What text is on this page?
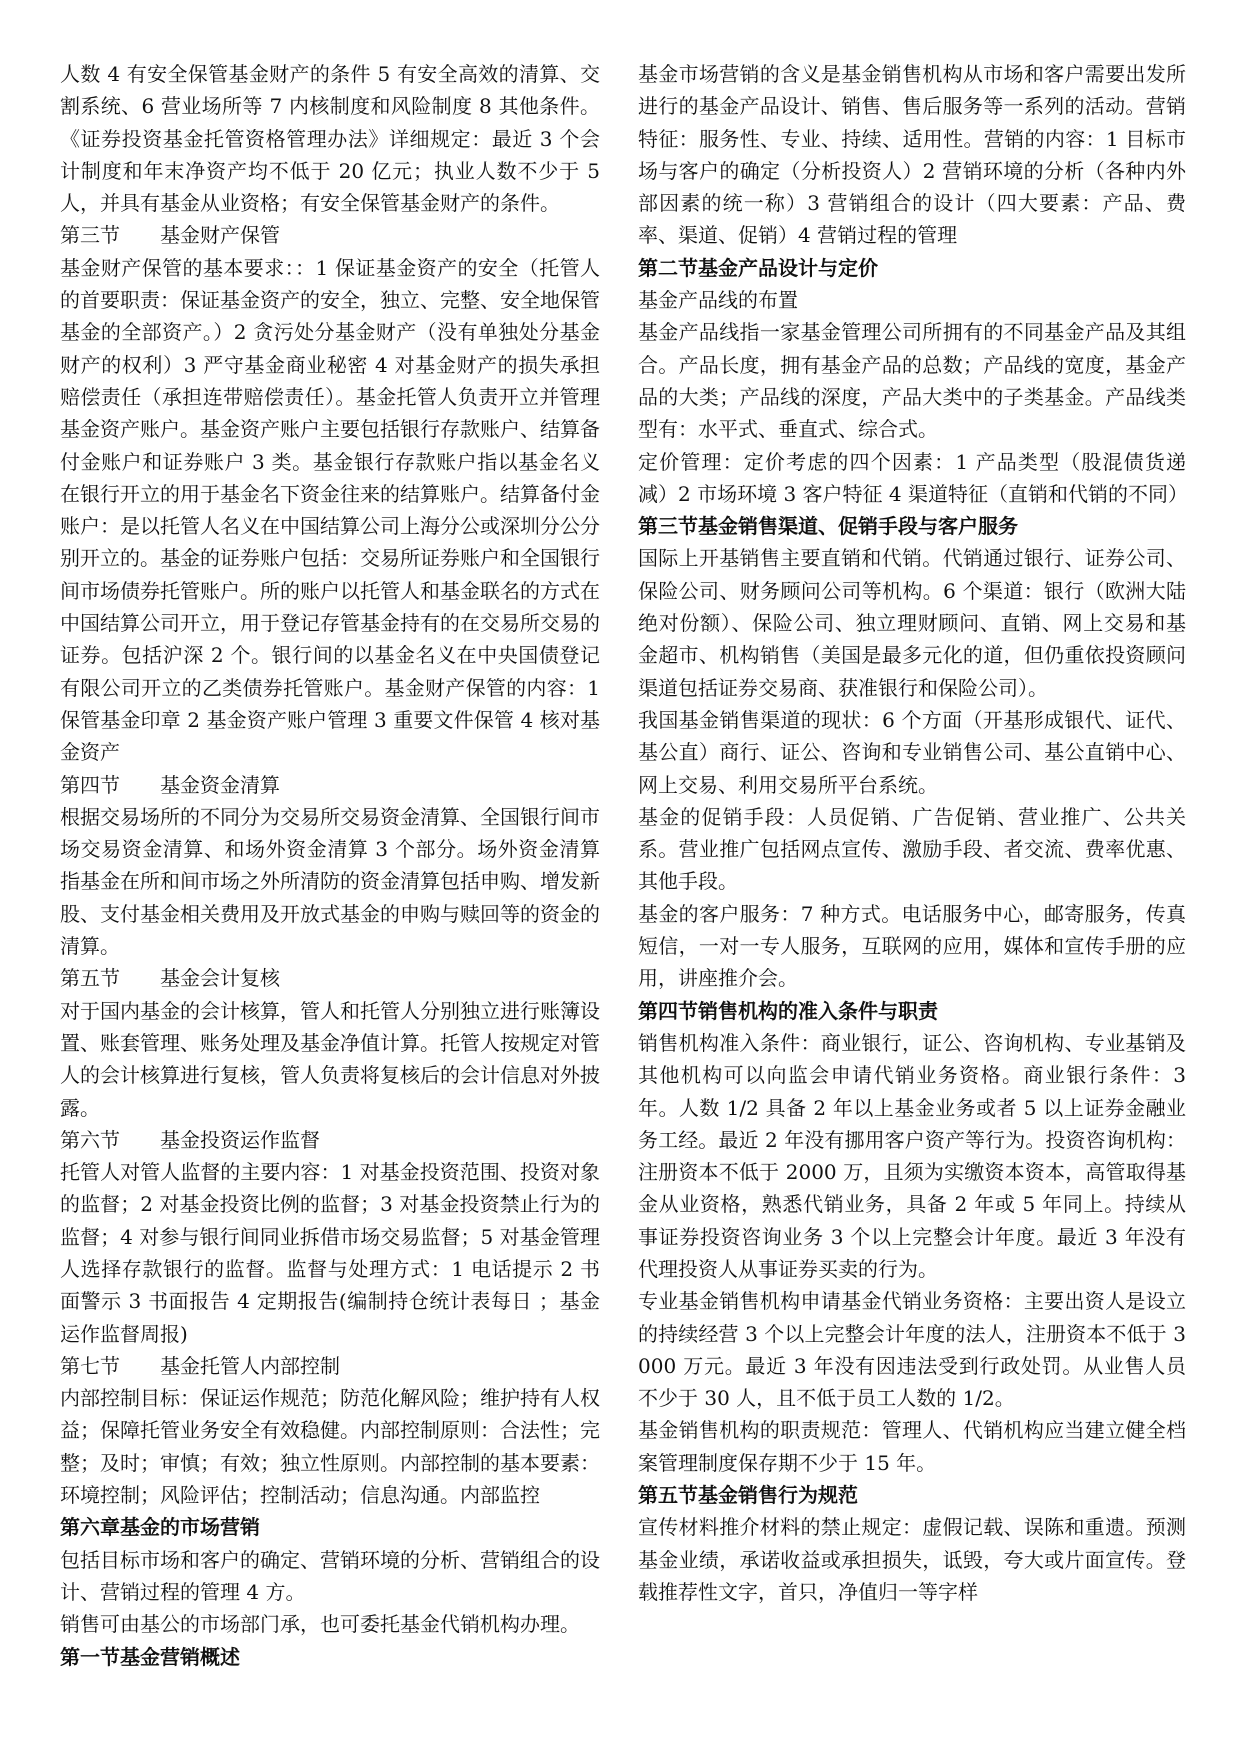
人数 4 有安全保管基金财产的条件 5 有安全高效的清算、交割系统、6 营业场所等 7 内核制度和风险制度 8 其他条件。《证券投资基金托管资格管理办法》详细规定：最近 3 个会计制度和年末净资产均不低于 20 亿元；执业人数不少于 5 人，并具有基金从业资格；有安全保管基金财产的条件。
第三节　　基金财产保管
基金财产保管的基本要求：：1 保证基金资产的安全（托管人的首要职责：保证基金资产的安全，独立、完整、安全地保管基金的全部资产。）2 贪污处分基金财产（没有单独处分基金财产的权利）3 严守基金商业秘密 4 对基金财产的损失承担赔偿责任（承担连带赔偿责任）。基金托管人负责开立并管理基金资产账户。基金资产账户主要包括银行存款账户、结算备付金账户和证券账户 3 类。基金银行存款账户指以基金名义在银行开立的用于基金名下资金往来的结算账户。结算备付金账户：是以托管人名义在中国结算公司上海分公或深圳分公分别开立的。基金的证券账户包括：交易所证券账户和全国银行间市场债券托管账户。所的账户以托管人和基金联名的方式在中国结算公司开立，用于登记存管基金持有的在交易所交易的证券。包括沪深 2 个。银行间的以基金名义在中央国债登记有限公司开立的乙类债券托管账户。基金财产保管的内容：1 保管基金印章 2 基金资产账户管理 3 重要文件保管 4 核对基金资产
第四节　　基金资金清算
根据交易场所的不同分为交易所交易资金清算、全国银行间市场交易资金清算、和场外资金清算 3 个部分。场外资金清算指基金在所和间市场之外所清防的资金清算包括申购、增发新股、支付基金相关费用及开放式基金的申购与赎回等的资金的清算。
第五节　　基金会计复核
对于国内基金的会计核算，管人和托管人分别独立进行账簿设置、账套管理、账务处理及基金净值计算。托管人按规定对管人的会计核算进行复核，管人负责将复核后的会计信息对外披露。
第六节　　基金投资运作监督
托管人对管人监督的主要内容：1 对基金投资范围、投资对象的监督；2 对基金投资比例的监督；3 对基金投资禁止行为的监督；4 对参与银行间同业拆借市场交易监督；5 对基金管理人选择存款银行的监督。监督与处理方式：1 电话提示 2 书面警示 3 书面报告 4 定期报告(编制持仓统计表每日 ；基金运作监督周报)
第七节　　基金托管人内部控制
内部控制目标：保证运作规范；防范化解风险；维护持有人权益；保障托管业务安全有效稳健。内部控制原则：合法性；完整；及时；审慎；有效；独立性原则。内部控制的基本要素：环境控制；风险评估；控制活动；信息沟通。内部监控
第六章基金的市场营销
包括目标市场和客户的确定、营销环境的分析、营销组合的设计、营销过程的管理 4 方。
销售可由基公的市场部门承，也可委托基金代销机构办理。
第一节基金营销概述
基金市场营销的含义是基金销售机构从市场和客户需要出发所进行的基金产品设计、销售、售后服务等一系列的活动。营销特征：服务性、专业、持续、适用性。营销的内容：1 目标市场与客户的确定（分析投资人）2 营销环境的分析（各种内外部因素的统一称）3 营销组合的设计（四大要素：产品、费率、渠道、促销）4 营销过程的管理
第二节基金产品设计与定价
基金产品线的布置
基金产品线指一家基金管理公司所拥有的不同基金产品及其组合。产品长度，拥有基金产品的总数；产品线的宽度，基金产品的大类；产品线的深度，产品大类中的子类基金。产品线类型有：水平式、垂直式、综合式。
定价管理：定价考虑的四个因素：1 产品类型（股混债货递减）2 市场环境 3 客户特征 4 渠道特征（直销和代销的不同）
第三节基金销售渠道、促销手段与客户服务
国际上开基销售主要直销和代销。代销通过银行、证券公司、保险公司、财务顾问公司等机构。6 个渠道：银行（欧洲大陆绝对份额）、保险公司、独立理财顾问、直销、网上交易和基金超市、机构销售（美国是最多元化的道，但仍重依投资顾问渠道包括证券交易商、获准银行和保险公司）。
我国基金销售渠道的现状：6 个方面（开基形成银代、证代、基公直）商行、证公、咨询和专业销售公司、基公直销中心、网上交易、利用交易所平台系统。
基金的促销手段：人员促销、广告促销、营业推广、公共关系。营业推广包括网点宣传、激励手段、者交流、费率优惠、其他手段。
基金的客户服务：7 种方式。电话服务中心，邮寄服务，传真短信，一对一专人服务，互联网的应用，媒体和宣传手册的应用，讲座推介会。
第四节销售机构的准入条件与职责
销售机构准入条件：商业银行，证公、咨询机构、专业基销及其他机构可以向监会申请代销业务资格。商业银行条件：3 年。人数 1/2 具备 2 年以上基金业务或者 5 以上证券金融业务工经。最近 2 年没有挪用客户资产等行为。投资咨询机构：注册资本不低于 2000 万，且须为实缴资本资本，高管取得基金从业资格，熟悉代销业务，具备 2 年或 5 年同上。持续从事证券投资咨询业务 3 个以上完整会计年度。最近 3 年没有代理投资人从事证券买卖的行为。
专业基金销售机构申请基金代销业务资格：主要出资人是设立的持续经营 3 个以上完整会计年度的法人，注册资本不低于 3000 万元。最近 3 年没有因违法受到行政处罚。从业售人员不少于 30 人，且不低于员工人数的 1/2。
基金销售机构的职责规范：管理人、代销机构应当建立健全档案管理制度保存期不少于 15 年。
第五节基金销售行为规范
宣传材料推介材料的禁止规定：虚假记载、误陈和重遗。预测基金业绩，承诺收益或承担损失，诋毁，夸大或片面宣传。登载推荐性文字，首只，净值归一等字样
